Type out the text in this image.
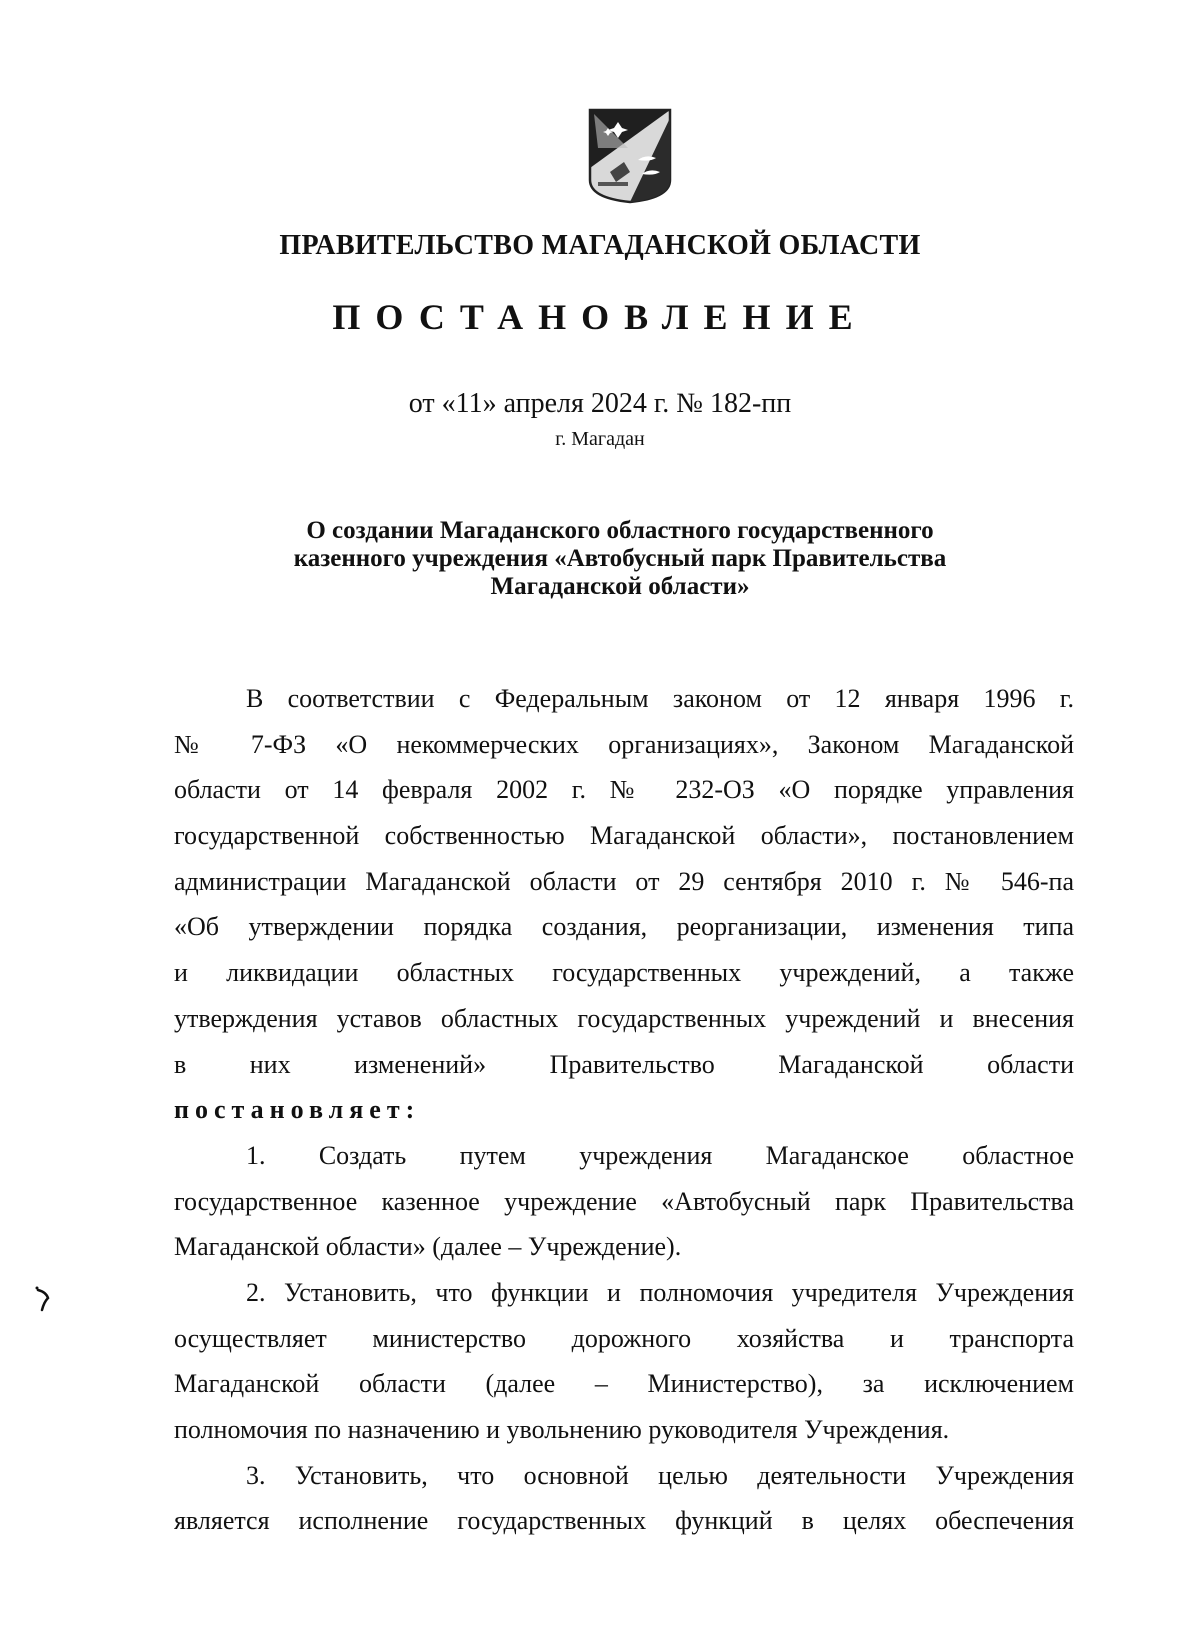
ПРАВИТЕЛЬСТВО МАГАДАНСКОЙ ОБЛАСТИ
ПОСТАНОВЛЕНИЕ
от «11» апреля 2024 г. № 182-пп
г. Магадан
О создании Магаданского областного государственного
казенного учреждения «Автобусный парк Правительства
Магаданской области»
В соответствии с Федеральным законом от 12 января 1996 г.
№ 7-ФЗ «О некоммерческих организациях», Законом Магаданской
области от 14 февраля 2002 г. № 232-ОЗ «О порядке управления
государственной собственностью Магаданской области», постановлением
администрации Магаданской области от 29 сентября 2010 г. № 546-па
«Об утверждении порядка создания, реорганизации, изменения типа
и ликвидации областных государственных учреждений, а также
утверждения уставов областных государственных учреждений и внесения
в них изменений» Правительство Магаданской области
постановляет:
1. Создать путем учреждения Магаданское областное
государственное казенное учреждение «Автобусный парк Правительства
Магаданской области» (далее – Учреждение).
2. Установить, что функции и полномочия учредителя Учреждения
осуществляет министерство дорожного хозяйства и транспорта
Магаданской области (далее – Министерство), за исключением
полномочия по назначению и увольнению руководителя Учреждения.
3. Установить, что основной целью деятельности Учреждения
является исполнение государственных функций в целях обеспечения
